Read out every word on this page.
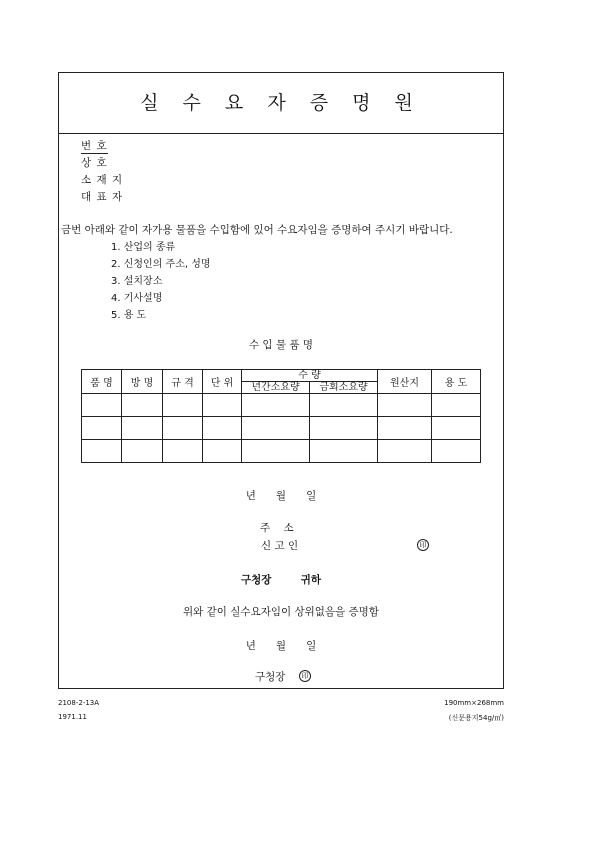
실 수 요 자 증 명 원
번 호
상 호
소 재 지
대 표 자
금번 아래와 같이 자가용 물품을 수입함에 있어 수요자임을 증명하여 주시기 바랍니다.
1. 산업의 종류
2. 신청인의 주소, 성명
3. 설치장소
4. 기사설명
5. 용 도
수 입 물 품 명
품 명	방 명	규 격	단 위	수 량		원산지	용 도
				년간소요량	금회소요량		

년      월      일
주    소
신 고 인	印
구청장        귀하
위와 같이 실수요자임이 상위없음을 증명함
년      월      일
구청장	印
2108-2-13A
1971.11
190mm×268mm
(신문용지54g/㎡)
